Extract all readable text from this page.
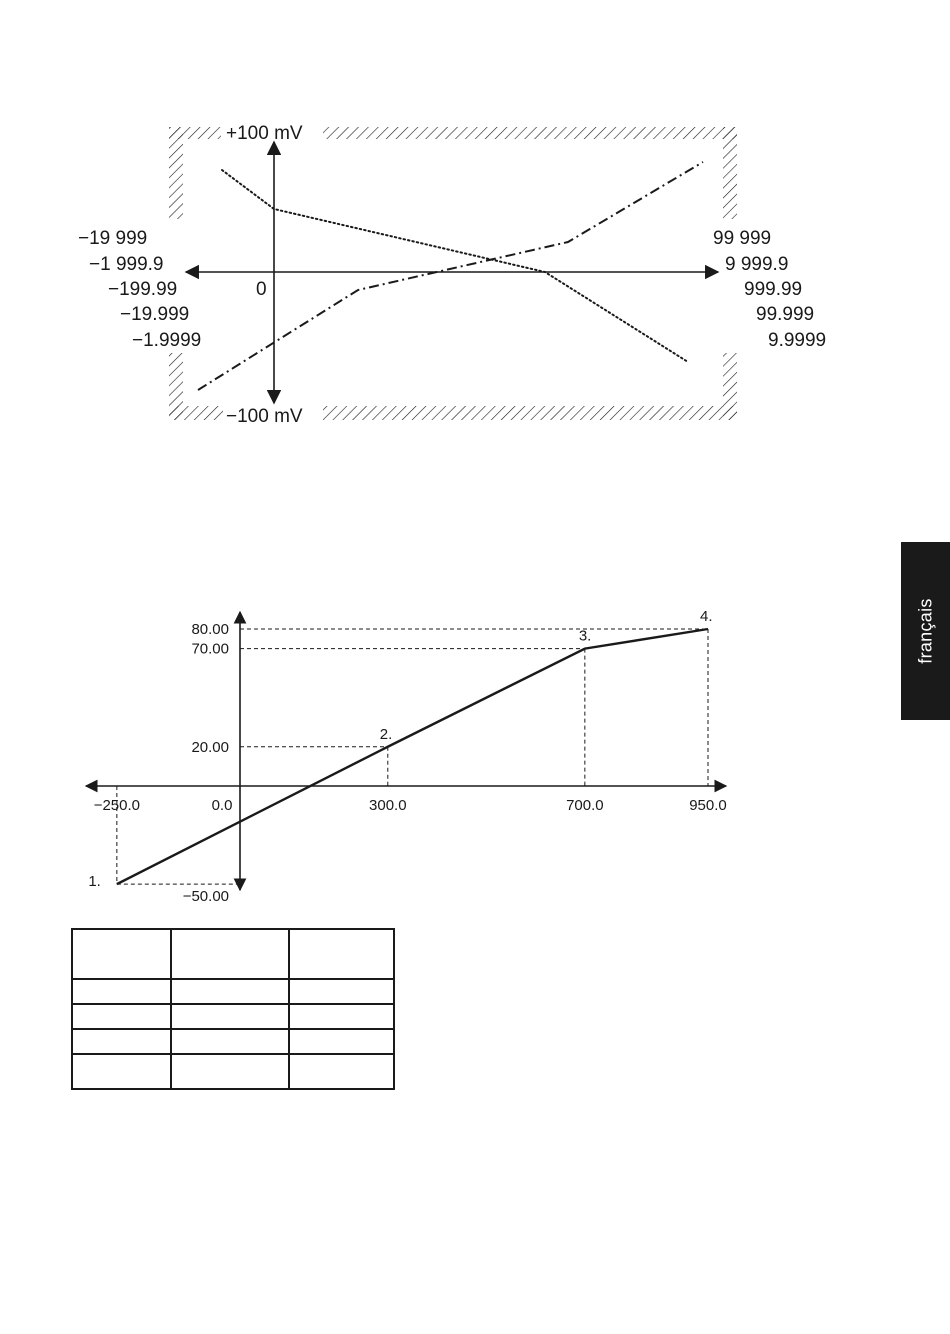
+100 mV
−100 mV
0
−19 999
−1 999.9
−199.99
−19.999
−1.9999
99 999
9 999.9
999.99
99.999
9.9999
français
1.
2.
3.
4.
−250.0	0.0	300.0	700.0	950.0
80.00
70.00
20.00
−50.00
